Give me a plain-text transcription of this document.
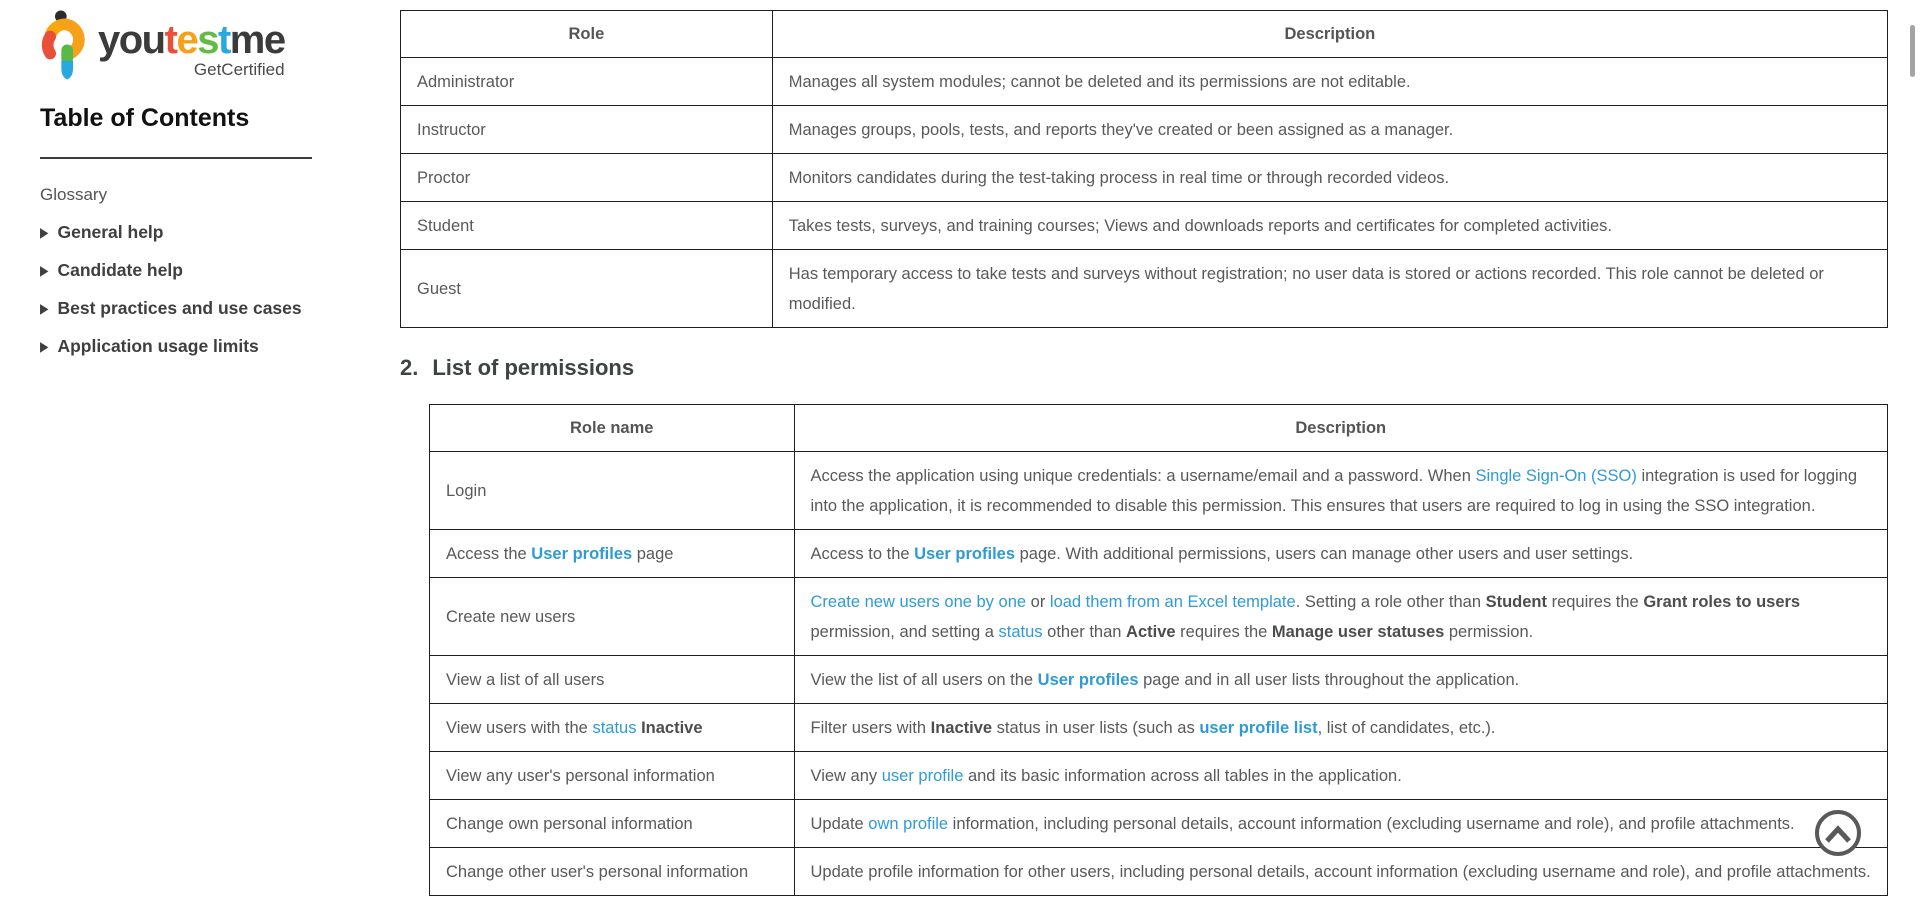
youtestme
GetCertified
Table of Contents
Glossary
▶ General help
▶ Candidate help
▶ Best practices and use cases
▶ Application usage limits
Role	Description
Administrator	Manages all system modules; cannot be deleted and its permissions are not editable.
Instructor	Manages groups, pools, tests, and reports they've created or been assigned as a manager.
Proctor	Monitors candidates during the test-taking process in real time or through recorded videos.
Student	Takes tests, surveys, and training courses; Views and downloads reports and certificates for completed activities.
Guest	Has temporary access to take tests and surveys without registration; no user data is stored or actions recorded. This role cannot be deleted or modified.
2. List of permissions
Role name	Description
Login	Access the application using unique credentials: a username/email and a password. When Single Sign-On (SSO) integration is used for logging into the application, it is recommended to disable this permission. This ensures that users are required to log in using the SSO integration.
Access the User profiles page	Access to the User profiles page. With additional permissions, users can manage other users and user settings.
Create new users	Create new users one by one or load them from an Excel template. Setting a role other than Student requires the Grant roles to users permission, and setting a status other than Active requires the Manage user statuses permission.
View a list of all users	View the list of all users on the User profiles page and in all user lists throughout the application.
View users with the status Inactive	Filter users with Inactive status in user lists (such as user profile list, list of candidates, etc.).
View any user's personal information	View any user profile and its basic information across all tables in the application.
Change own personal information	Update own profile information, including personal details, account information (excluding username and role), and profile attachments.
Change other user's personal information	Update profile information for other users, including personal details, account information (excluding username and role), and profile attachments.
